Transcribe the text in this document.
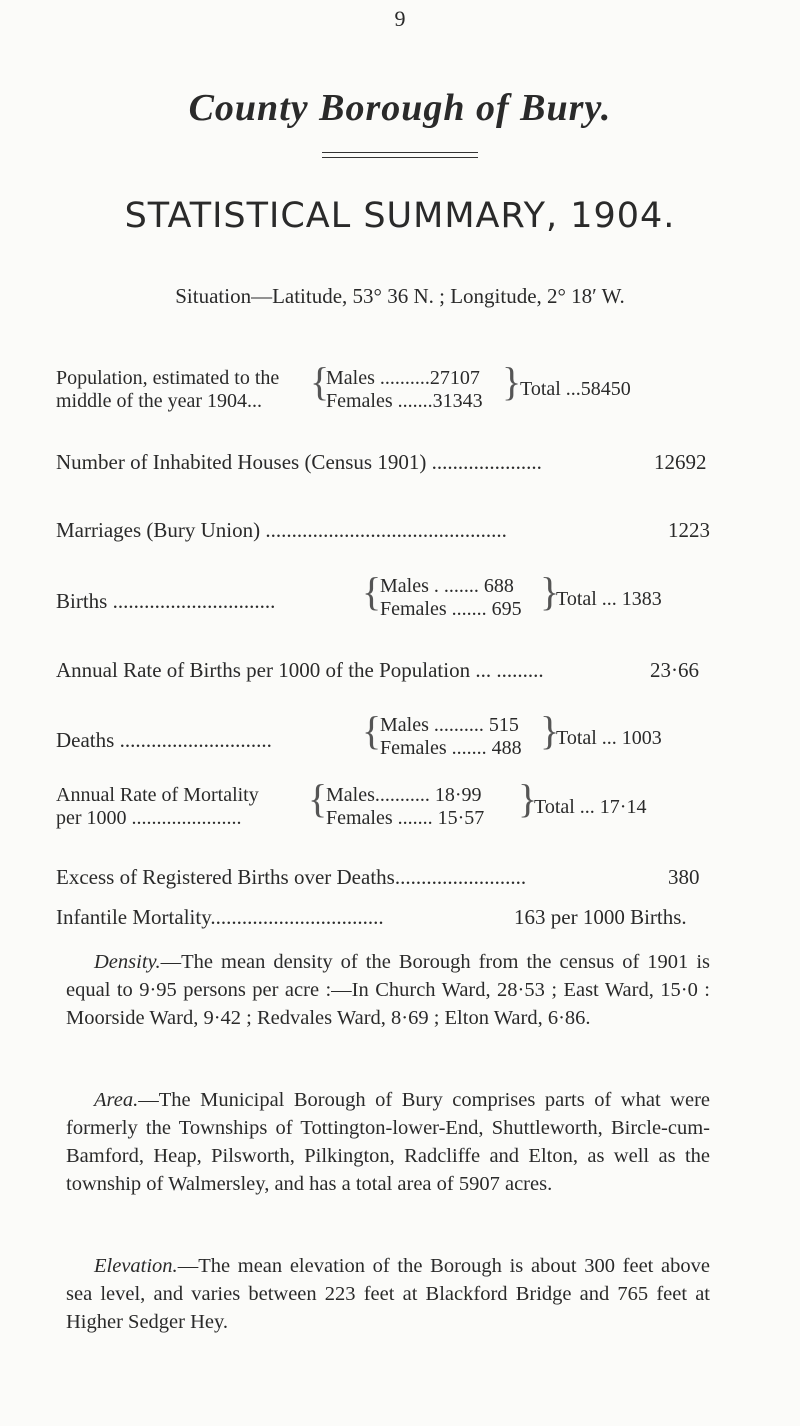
9
County Borough of Bury.
STATISTICAL SUMMARY, 1904.
Situation—Latitude, 53° 36 N. ; Longitude, 2° 18′ W.
Population, estimated to the
middle of the year 1904... {
Males ..........27107
Females .......31343 }
Total ...58450
Number of Inhabited Houses (Census 1901) .....................	12692
Marriages (Bury Union) ..............................................	1223
Births ............................... {
Males . ....... 688
Females ....... 695 }
Total ... 1383
Annual Rate of Births per 1000 of the Population ... .........	23·66
Deaths ............................. {
Males .......... 515
Females ....... 488 }
Total ... 1003
Annual Rate of Mortality
per 1000 ...................... {
Males........... 18·99
Females ....... 15·57 }
Total ... 17·14
Excess of Registered Births over Deaths.........................	380
Infantile Mortality.................................	163 per 1000 Births.
Density.—The mean density of the Borough from the census of 1901 is equal to 9·95 persons per acre :—In Church Ward, 28·53 ; East Ward, 15·0 : Moorside Ward, 9·42 ; Redvales Ward, 8·69 ; Elton Ward, 6·86.
Area.—The Municipal Borough of Bury comprises parts of what were formerly the Townships of Tottington-lower-End, Shuttleworth, Bircle-cum-Bamford, Heap, Pilsworth, Pilkington, Radcliffe and Elton, as well as the township of Walmersley, and has a total area of 5907 acres.
Elevation.—The mean elevation of the Borough is about 300 feet above sea level, and varies between 223 feet at Blackford Bridge and 765 feet at Higher Sedger Hey.
